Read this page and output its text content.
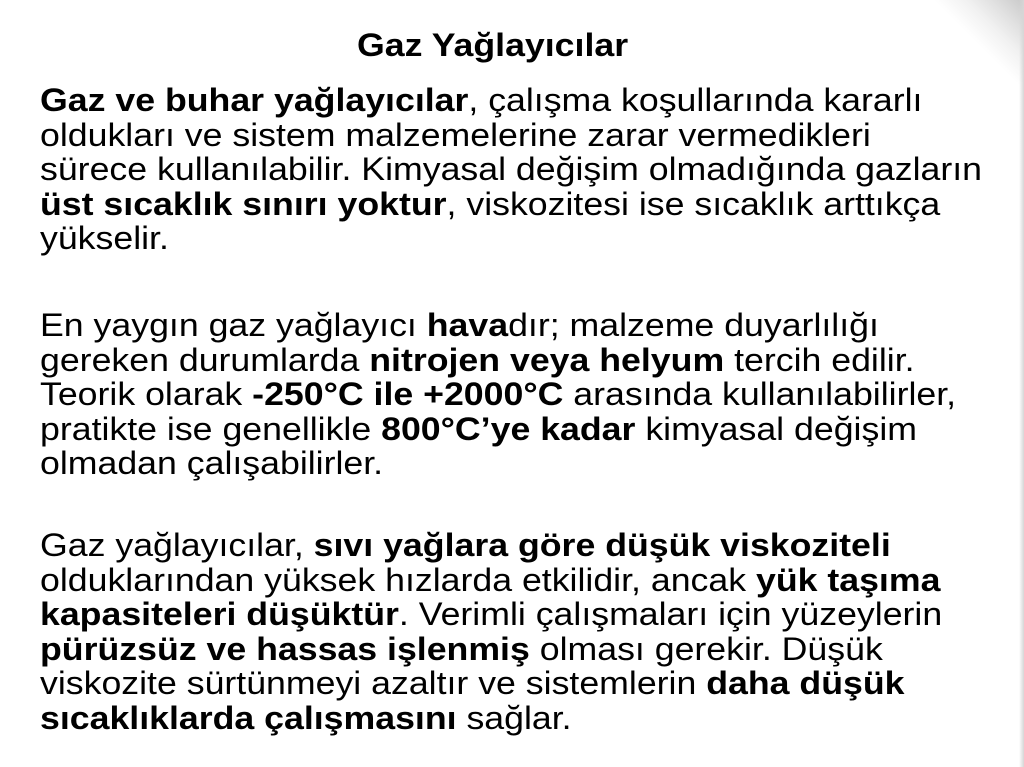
Gaz Yağlayıcılar
Gaz ve buhar yağlayıcılar, çalışma koşullarında kararlı
oldukları ve sistem malzemelerine zarar vermedikleri
sürece kullanılabilir. Kimyasal değişim olmadığında gazların
üst sıcaklık sınırı yoktur, viskozitesi ise sıcaklık arttıkça
yükselir.
En yaygın gaz yağlayıcı havadır; malzeme duyarlılığı
gereken durumlarda nitrojen veya helyum tercih edilir.
Teorik olarak -250°C ile +2000°C arasında kullanılabilirler,
pratikte ise genellikle 800°C’ye kadar kimyasal değişim
olmadan çalışabilirler.
Gaz yağlayıcılar, sıvı yağlara göre düşük viskoziteli
olduklarından yüksek hızlarda etkilidir, ancak yük taşıma
kapasiteleri düşüktür. Verimli çalışmaları için yüzeylerin
pürüzsüz ve hassas işlenmiş olması gerekir. Düşük
viskozite sürtünmeyi azaltır ve sistemlerin daha düşük
sıcaklıklarda çalışmasını sağlar.
